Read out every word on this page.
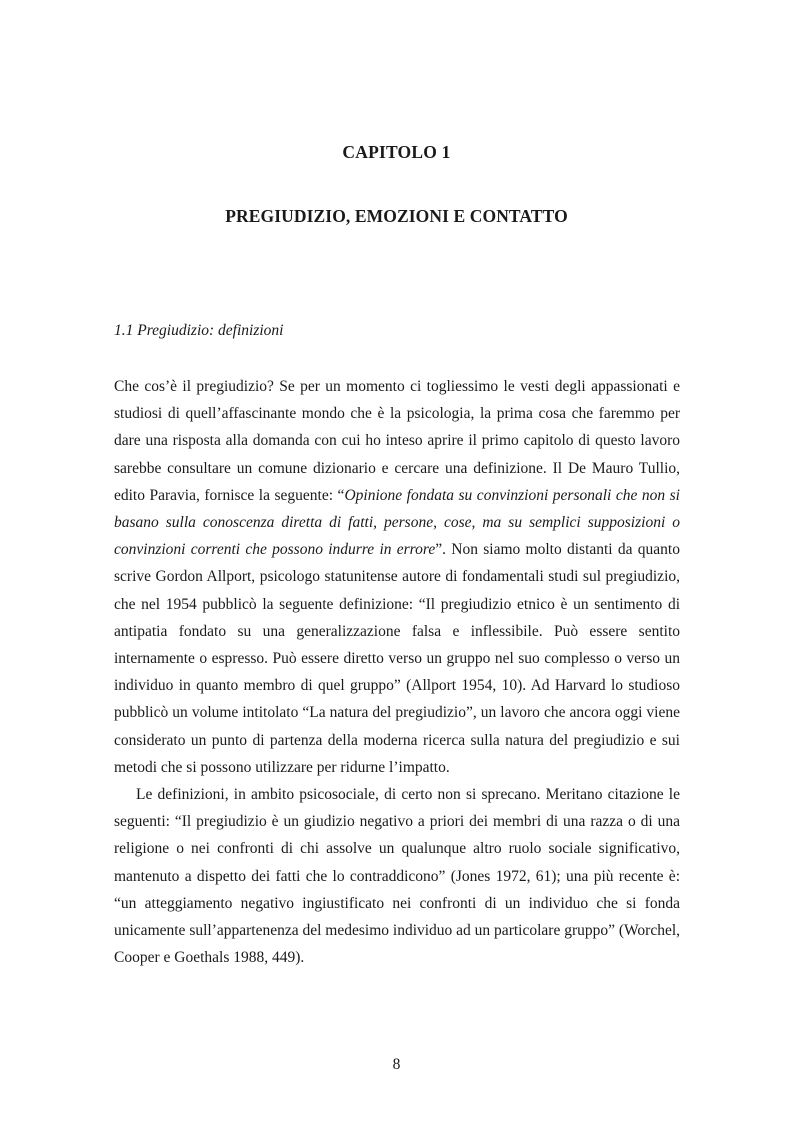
CAPITOLO 1
PREGIUDIZIO, EMOZIONI E CONTATTO
1.1 Pregiudizio: definizioni

Che cos’è il pregiudizio? Se per un momento ci togliessimo le vesti degli appassionati e studiosi di quell’affascinante mondo che è la psicologia, la prima cosa che faremmo per dare una risposta alla domanda con cui ho inteso aprire il primo capitolo di questo lavoro sarebbe consultare un comune dizionario e cercare una definizione. Il De Mauro Tullio, edito Paravia, fornisce la seguente: “Opinione fondata su convinzioni personali che non si basano sulla conoscenza diretta di fatti, persone, cose, ma su semplici supposizioni o convinzioni correnti che possono indurre in errore”. Non siamo molto distanti da quanto scrive Gordon Allport, psicologo statunitense autore di fondamentali studi sul pregiudizio, che nel 1954 pubblicò la seguente definizione: “Il pregiudizio etnico è un sentimento di antipatia fondato su una generalizzazione falsa e inflessibile. Può essere sentito internamente o espresso. Può essere diretto verso un gruppo nel suo complesso o verso un individuo in quanto membro di quel gruppo” (Allport 1954, 10). Ad Harvard lo studioso pubblicò un volume intitolato “La natura del pregiudizio”, un lavoro che ancora oggi viene considerato un punto di partenza della moderna ricerca sulla natura del pregiudizio e sui metodi che si possono utilizzare per ridurne l’impatto.

Le definizioni, in ambito psicosociale, di certo non si sprecano. Meritano citazione le seguenti: “Il pregiudizio è un giudizio negativo a priori dei membri di una razza o di una religione o nei confronti di chi assolve un qualunque altro ruolo sociale significativo, mantenuto a dispetto dei fatti che lo contraddicono” (Jones 1972, 61); una più recente è: “un atteggiamento negativo ingiustificato nei confronti di un individuo che si fonda unicamente sull’appartenenza del medesimo individuo ad un particolare gruppo” (Worchel, Cooper e Goethals 1988, 449).

8
